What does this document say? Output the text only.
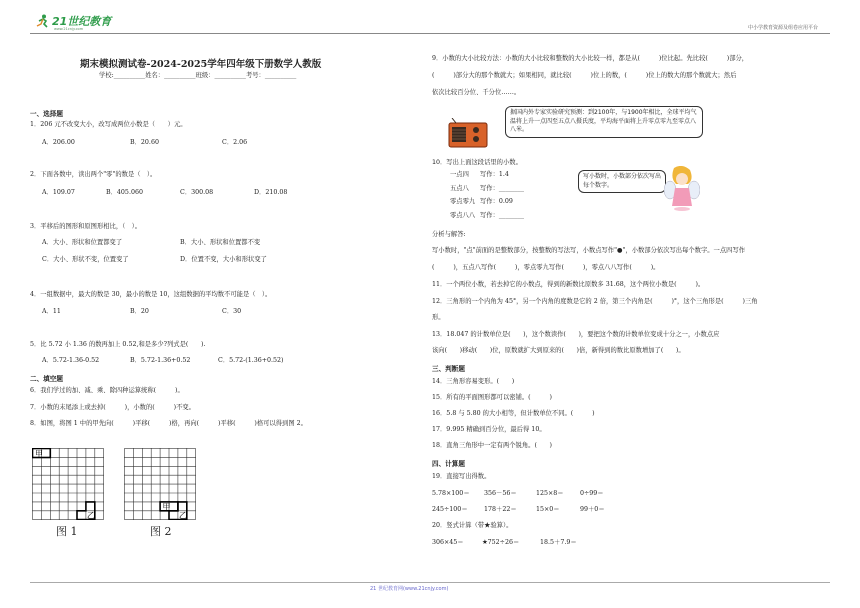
21世纪教育
www.21cnjy.com	中小学教育资源及组卷应用平台
期末模拟测试卷-2024-2025学年四年级下册数学人教版
学校:__________姓名：__________班级：__________考号：__________
一、选择题
1．206 元不改变大小，改写成两位小数是（　　）元。
A．206.00	B．20.60	C．2.06
2．下面各数中，读出两个"零"的数是（　）。
A．109.07	B．405.060	C．300.08	D．210.08
3．平移后的图形和原图形相比，（　）。
A．大小、形状和位置都变了	B．大小、形状和位置都不变
C．大小、形状不变，位置变了	D．位置不变，大小和形状变了
4．一组数据中，最大的数是 30，最小的数是 10，这组数据的平均数不可能是（　）。
A．11	B．20	C．30
5．比 5.72 小 1.36 的数再加上 0.52,和是多少?列式是(　　).
A．5.72-1.36-0.52	B．5.72-1.36+0.52	C．5.72-(1.36+0.52)
二、填空题
6．我们学过的加、减、乘、除四种运算统称(　　　)。
7．小数的末尾添上或去掉(　　　)，小数的(　　　)不变。
8．如图，将图 1 中的甲先向(　　　)平移(　　　)格，再向(　　　)平移(　　　)格可以得到图 2。
甲
乙
图 1
甲
乙
图 2
9．小数的大小比较方法：小数的大小比较和整数的大小比较一样，都是从(　　　)位比起。先比较(　　　)部分，
(　　　)部分大的那个数就大；如果相同，就比较(　　　)位上的数，(　　　)位上的数大的那个数就大；然后
依次比较百分位、千分位……。
据国内外专家实验研究预测：到2100年，与1900年相比，全球平均气温将上升一点四至五点八摄氏度，平均海平面将上升零点零九至零点八八米。
10．写出上面这段话里的小数。
一点四 写作：1.4
五点八 写作：________
零点零九 写作：0.09
零点八八 写作：________
写小数时，小数部分依次写出每个数字。
分析与解答:
写小数时，"点"前面的是整数部分，按整数的写法写，小数点写作"●"，小数部分依次写出每个数字。一点四写作
(　　　)，五点八写作(　　　)，零点零九写作(　　　)，零点八八写作(　　　)。
11．一个两位小数，若去掉它的小数点，得到的新数比原数多 31.68，这个两位小数是(　　　)。
12．三角形的一个内角为 45°，另一个内角的度数是它的 2 倍，第三个内角是(　　　)°，这个三角形是(　　　)三角
形。
13．18.047 的计数单位是(　　)，这个数读作(　　)，要把这个数的计数单位变成十分之一，小数点应
该向(　　)移动(　　)位，原数就扩大到原来的(　　)倍，新得到的数比原数增加了(　　)。
三、判断题
14．三角形容易变形。(　　)
15．所有的平面图形都可以密铺。(　　　)
16．5.8 与 5.80 的大小相等，但计数单位不同。(　　　)
17．9.995 精确到百分位，最后得 10。
18．直角三角形中一定有两个锐角。(　　)
四、计算题
19．直接写出得数。
5.78×100＝ 356－56＝	125×8＝	0÷99＝
245÷100＝	178＋22＝	15×0＝	99＋0＝
20．竖式计算（带★验算）。
306×45＝	★752÷26＝	18.5＋7.9＝
21 世纪教育网(www.21cnjy.com)
